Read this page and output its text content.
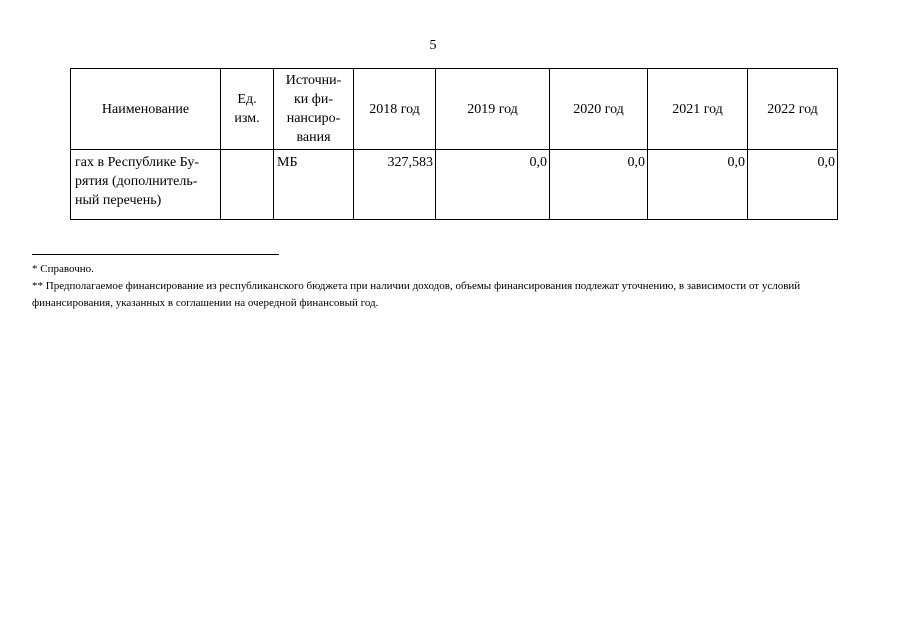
5
Наименование	Ед.
изм.	Источни-
ки фи-
нансиро-
вания	2018 год	2019 год	2020 год	2021 год	2022 год
гах в Республике Бу-
рятия (дополнитель-
ный перечень)		МБ	327,583	0,0	0,0	0,0	0,0

* Справочно.

** Предполагаемое финансирование из республиканского бюджета при наличии доходов, объемы финансирования подлежат уточнению, в зависимости от условий финансирования, указанных в соглашении на очередной финансовый год.
